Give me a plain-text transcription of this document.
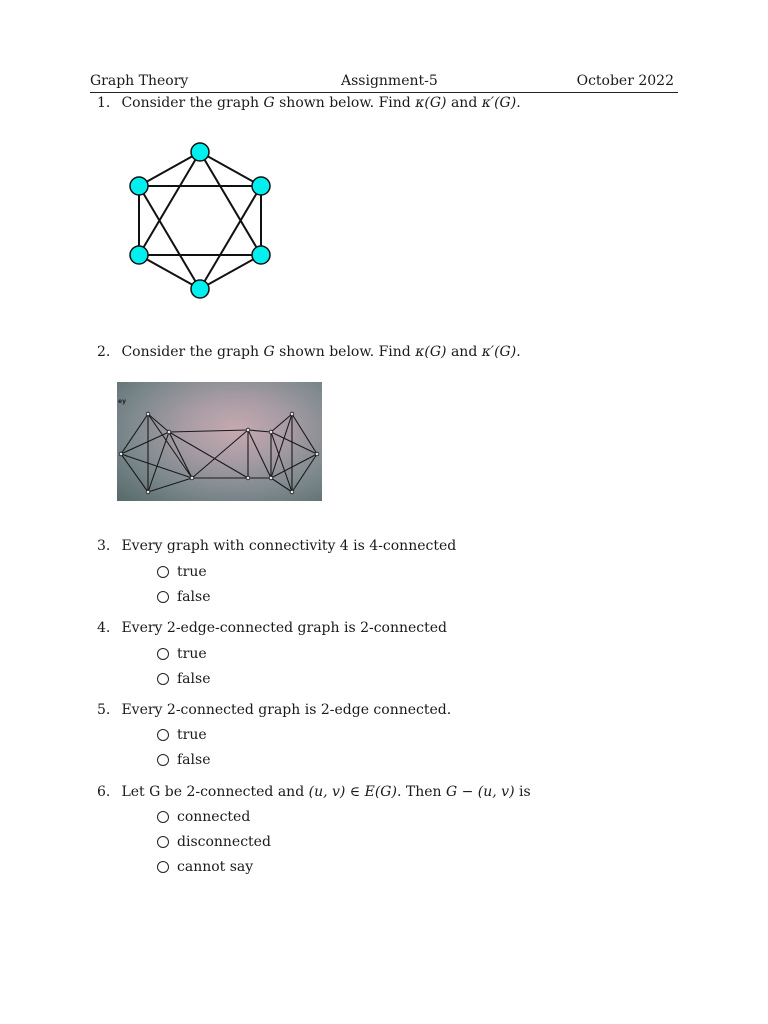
Graph Theory	Assignment-5	October 2022
1. Consider the graph G shown below. Find κ(G) and κ′(G).
2. Consider the graph G shown below. Find κ(G) and κ′(G).
ey
3. Every graph with connectivity 4 is 4-connected
true
false
4. Every 2-edge-connected graph is 2-connected
true
false
5. Every 2-connected graph is 2-edge connected.
true
false
6. Let G be 2-connected and (u, v) ∈ E(G). Then G − (u, v) is
connected
disconnected
cannot say
